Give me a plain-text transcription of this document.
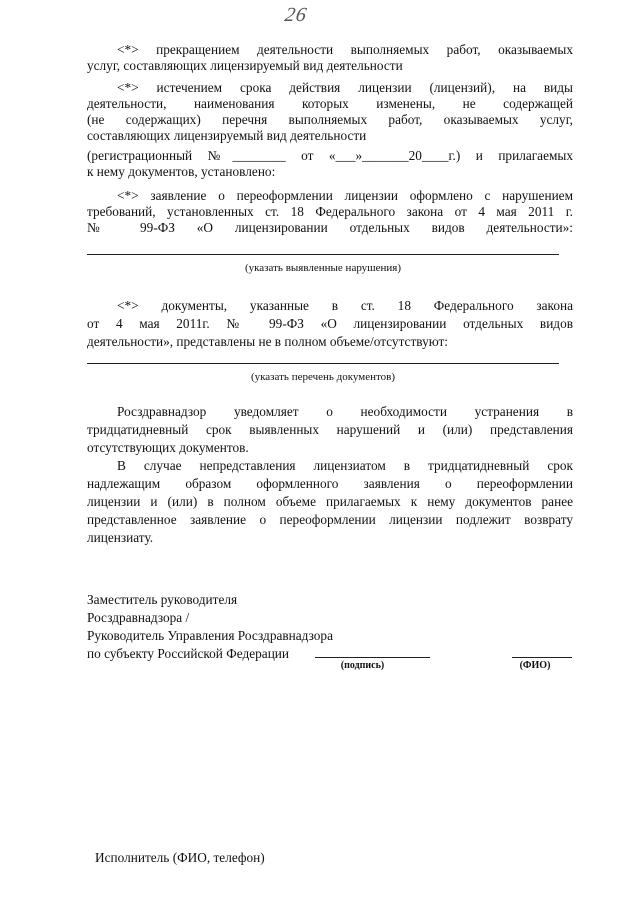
26
<*> прекращением деятельности выполняемых работ, оказываемых
услуг, составляющих лицензируемый вид деятельности
<*> истечением срока действия лицензии (лицензий), на виды
деятельности, наименования которых изменены, не содержащей
(не содержащих) перечня выполняемых работ, оказываемых услуг,
составляющих лицензируемый вид деятельности
(регистрационный №________ от «___»_______20____г.) и прилагаемых
к нему документов, установлено:
<*> заявление о переоформлении лицензии оформлено с нарушением
требований, установленных ст. 18 Федерального закона от 4 мая 2011 г.
№ 99-ФЗ «О лицензировании отдельных видов деятельности»:
(указать выявленные нарушения)
<*> документы, указанные в ст. 18 Федерального закона
от 4 мая 2011г. № 99-ФЗ «О лицензировании отдельных видов
деятельности», представлены не в полном объеме/отсутствуют:
(указать перечень документов)
Росздравнадзор уведомляет о необходимости устранения в
тридцатидневный срок выявленных нарушений и (или) представления
отсутствующих документов.
В случае непредставления лицензиатом в тридцатидневный срок
надлежащим образом оформленного заявления о переоформлении
лицензии и (или) в полном объеме прилагаемых к нему документов ранее
представленное заявление о переоформлении лицензии подлежит возврату
лицензиату.
Заместитель руководителя
Росздравнадзора /
Руководитель Управления Росздравнадзора
по субъекту Российской Федерации
(подпись)	(ФИО)
Исполнитель (ФИО, телефон)
